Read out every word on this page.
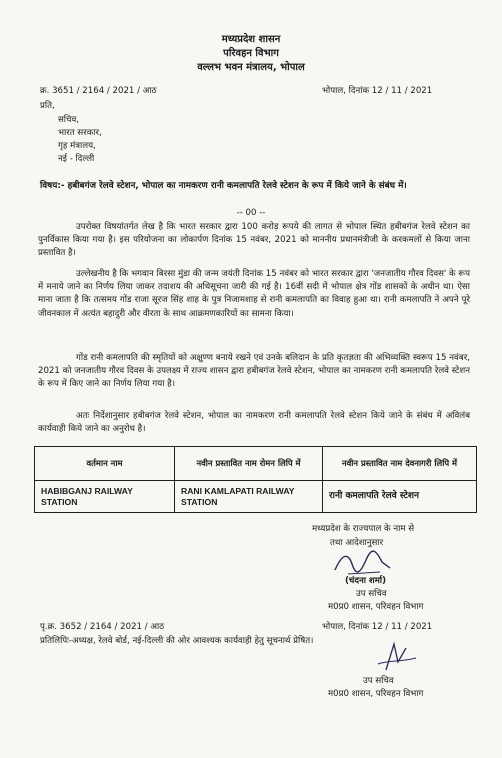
मध्यप्रदेश शासन
परिवहन विभाग
वल्लभ भवन मंत्रालय, भोपाल
क्र. 3651 / 2164 / 2021 / आठ	भोपाल, दिनांक 12 / 11 / 2021
प्रति,
सचिव,
भारत सरकार,
गृह मंत्रालय,
नई - दिल्ली
विषय:- हबीबगंज रेलवे स्टेशन, भोपाल का नामकरण रानी कमलापति रेलवे स्टेशन के रूप में किये जाने के संबंध में।
-- 00 --
उपरोक्त विषयांतर्गत लेख है कि भारत सरकार द्वारा 100 करोड़ रूपये की लागत से भोपाल स्थित हबीबगंज रेलवे स्टेशन का पुनर्विकास किया गया है। इस परियोजना का लोकार्पण दिनांक 15 नवंबर, 2021 को माननीय प्रधानमंत्रीजी के करकमलों से किया जाना प्रस्तावित है।
उल्लेखनीय है कि भगवान बिरसा मुंडा की जन्म जयंती दिनांक 15 नवंबर को भारत सरकार द्वारा 'जनजातीय गौरव दिवस' के रूप में मनाये जाने का निर्णय लिया जाकर तदाशय की अधिसूचना जारी की गई है। 16वीं सदी में भोपाल क्षेत्र गोंड शासकों के अधीन था। ऐसा माना जाता है कि तत्समय गोंड राजा सूरज सिंह शाह के पुत्र निजामशाह से रानी कमलापति का विवाह हुआ था। रानी कमलापति ने अपने पूरे जीवनकाल में अत्यंत बहादुरी और वीरता के साथ आक्रमणकारियों का सामना किया।
गोंड रानी कमलापति की स्मृतियों को अक्षुण्ण बनाये रखने एवं उनके बलिदान के प्रति कृतज्ञता की अभिव्यक्ति स्वरूप 15 नवंबर, 2021 को जनजातीय गौरव दिवस के उपलक्ष्य में राज्य शासन द्वारा हबीबगंज रेलवे स्टेशन, भोपाल का नामकरण रानी कमलापति रेलवे स्टेशन के रूप में किए जाने का निर्णय लिया गया है।
अतः निर्देशानुसार हबीबगंज रेलवे स्टेशन, भोपाल का नामकरण रानी कमलापति रेलवे स्टेशन किये जाने के संबंध में अविलंब कार्यवाही किये जाने का अनुरोध है।
वर्तमान नाम	नवीन प्रस्तावित नाम रोमन लिपि में	नवीन प्रस्तावित नाम देवनागरी लिपि में
HABIBGANJ RAILWAY STATION	RANI KAMLAPATI RAILWAY STATION	रानी कमलापति रेलवे स्टेशन
मध्यप्रदेश के राज्यपाल के नाम से
तथा आदेशानुसार
(चंदना शर्मा)
उप सचिव
म0प्र0 शासन, परिवहन विभाग
पृ.क्र. 3652 / 2164 / 2021 / आठ	भोपाल, दिनांक 12 / 11 / 2021
प्रतिलिपिः-अध्यक्ष, रेलवे बोर्ड, नई-दिल्ली की ओर आवश्यक कार्यवाही हेतु सूचनार्थ प्रेषित।
उप सचिव
म0प्र0 शासन, परिवहन विभाग
